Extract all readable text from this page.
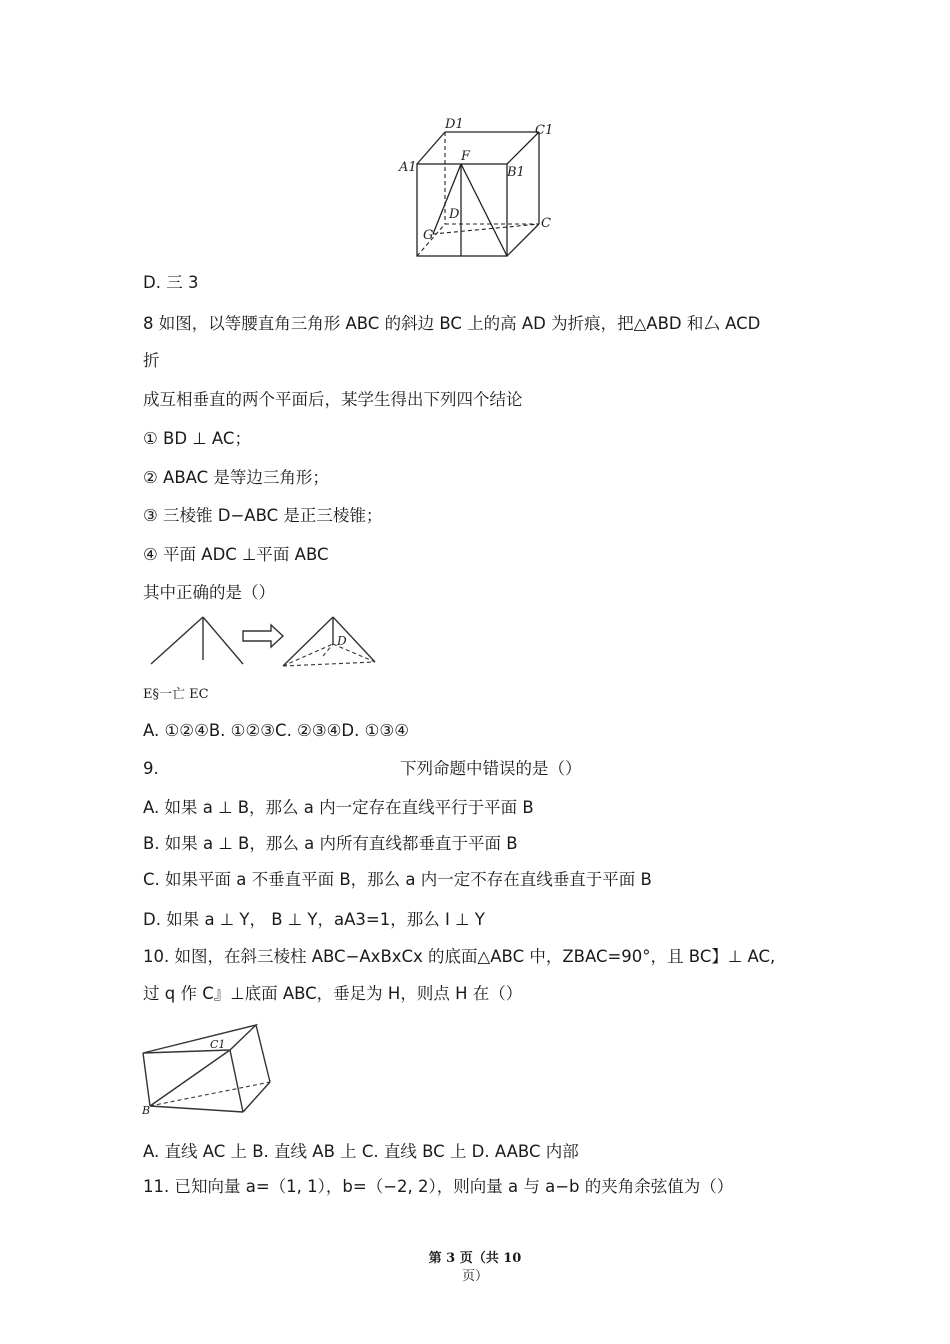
D1	C1
A1
F
B1
D
C
G
D. 三 3
8 如图，以等腰直角三角形 ABC 的斜边 BC 上的高 AD 为折痕，把△ABD 和厶 ACD
折
成互相垂直的两个平面后，某学生得出下列四个结论
① BD ⊥ AC；
② ABAC 是等边三角形；
③ 三棱锥 D−ABC 是正三棱锥；
④ 平面 ADC ⊥平面 ABC
其中正确的是（）
D
E§一亡 EC
A. ①②④B. ①②③C. ②③④D. ①③④
9.	下列命题中错误的是（）
A. 如果 a ⊥ B，那么 a 内一定存在直线平行于平面 B
B. 如果 a ⊥ B，那么 a 内所有直线都垂直于平面 B
C. 如果平面 a 不垂直平面 B，那么 a 内一定不存在直线垂直于平面 B
D. 如果 a ⊥ Y， B ⊥ Y，aA3=1，那么 I ⊥ Y
10. 如图，在斜三棱柱 ABC−AxBxCx 的底面△ABC 中，ZBAC=90°，且 BC】⊥ AC,
过 q 作 C』⊥底面 ABC，垂足为 H，则点 H 在（）
C1
B
A. 直线 AC 上 B. 直线 AB 上 C. 直线 BC 上 D. AABC 内部
11. 已知向量 a=（1, 1），b=（−2, 2），则向量 a 与 a−b 的夹角余弦值为（）
第 3 页（共 10
页）
